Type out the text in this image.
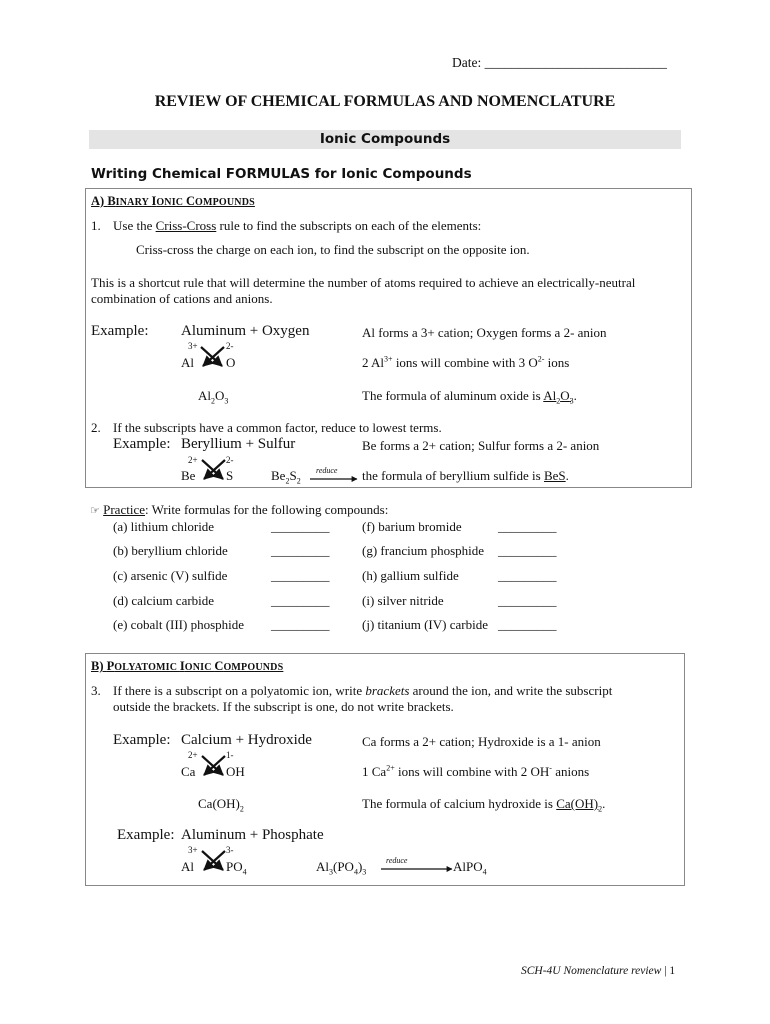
Date: ___________________________
REVIEW OF CHEMICAL FORMULAS AND NOMENCLATURE
Ionic Compounds
Writing Chemical FORMULAS for Ionic Compounds
A) BINARY IONIC COMPOUNDS
1. Use the Criss-Cross rule to find the subscripts on each of the elements:
Criss-cross the charge on each ion, to find the subscript on the opposite ion.
This is a shortcut rule that will determine the number of atoms required to achieve an electrically-neutral
combination of cations and anions.
Example: Aluminum + Oxygen
3+	2-
Al O
$Al_2O_3$
Al forms a 3+ cation; Oxygen forms a 2- anion
2 $Al^{3+}$ ions will combine with 3 $O^{2-}$ ions
The formula of aluminum oxide is $Al_2O_3$.
2. If the subscripts have a common factor, reduce to lowest terms.
Example: Beryllium + Sulfur	Be forms a 2+ cation; Sulfur forms a 2- anion
2+	2-
Be S	$Be_2S_2$
reduce the formula of beryllium sulfide is BeS.
☞ Practice: Write formulas for the following compounds:
(a) lithium chloride	_________	(f) barium bromide	_________
(b) beryllium chloride	_________	(g) francium phosphide _________
(c) arsenic (V) sulfide	_________	(h) gallium sulfide	_________
(d) calcium carbide	_________	(i) silver nitride	_________
(e) cobalt (III) phosphide _________	(j) titanium (IV) carbide _________
B) POLYATOMIC IONIC COMPOUNDS
3. If there is a subscript on a polyatomic ion, write brackets around the ion, and write the subscript
outside the brackets. If the subscript is one, do not write brackets.
Example: Calcium + Hydroxide	Ca forms a 2+ cation; Hydroxide is a 1- anion
2+	1-
Ca OH	1 $Ca^{2+}$ ions will combine with 2 OH- anions
$Ca(OH)_2$	The formula of calcium hydroxide is $Ca(OH)_2$.
Example: Aluminum + Phosphate
3+	3-
Al $PO_4$	$Al_3(PO_4)_3$
reduce	AlPO$_4$
SCH-4U Nomenclature review | 1
